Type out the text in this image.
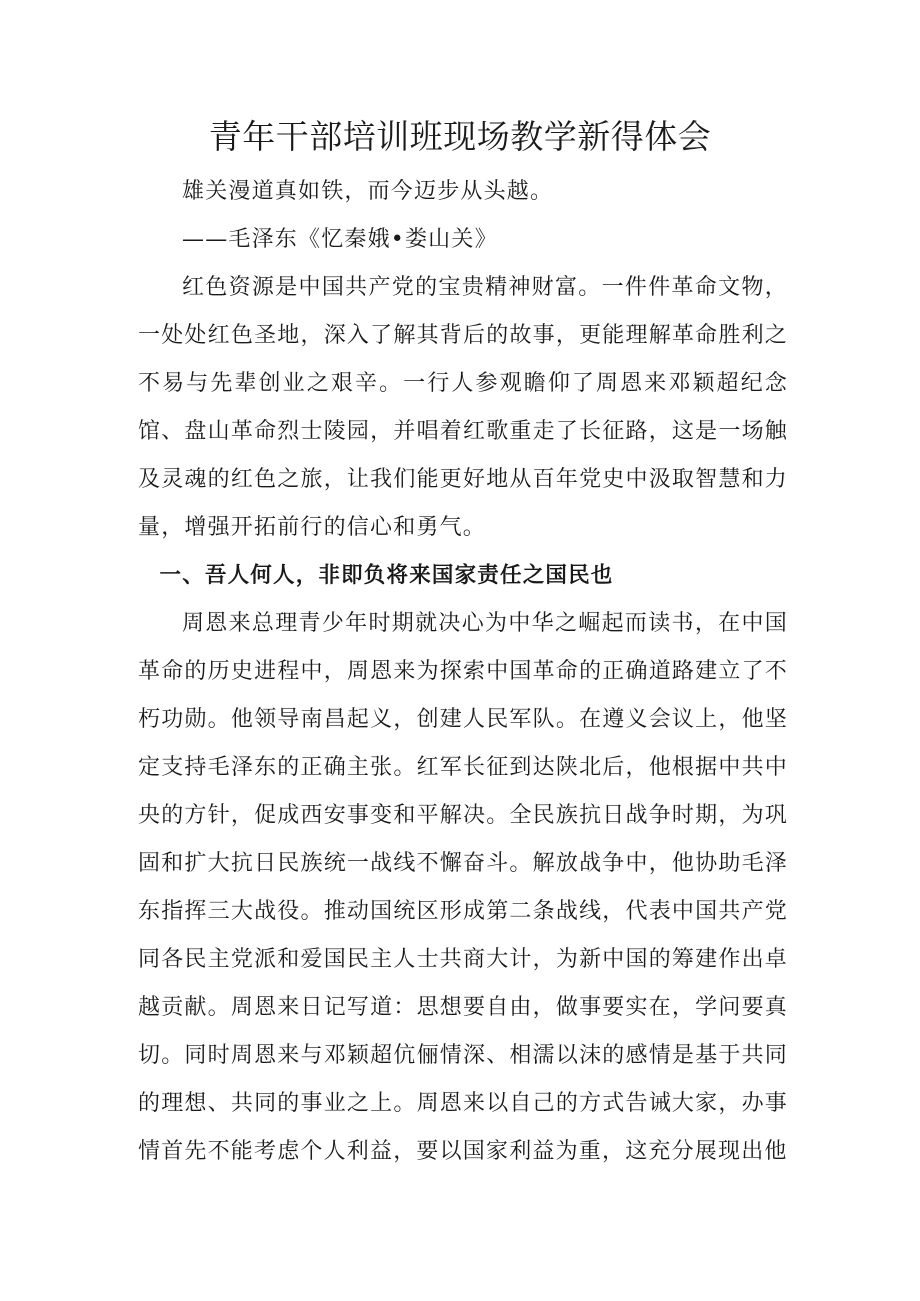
青年干部培训班现场教学新得体会

雄关漫道真如铁，而今迈步从头越。

——毛泽东《忆秦娥•娄山关》

红色资源是中国共产党的宝贵精神财富。一件件革命文物，一处处红色圣地，深入了解其背后的故事，更能理解革命胜利之不易与先辈创业之艰辛。一行人参观瞻仰了周恩来邓颖超纪念馆、盘山革命烈士陵园，并唱着红歌重走了长征路，这是一场触及灵魂的红色之旅，让我们能更好地从百年党史中汲取智慧和力量，增强开拓前行的信心和勇气。

一、吾人何人，非即负将来国家责任之国民也

周恩来总理青少年时期就决心为中华之崛起而读书，在中国革命的历史进程中，周恩来为探索中国革命的正确道路建立了不朽功勋。他领导南昌起义，创建人民军队。在遵义会议上，他坚定支持毛泽东的正确主张。红军长征到达陕北后，他根据中共中央的方针，促成西安事变和平解决。全民族抗日战争时期，为巩固和扩大抗日民族统一战线不懈奋斗。解放战争中，他协助毛泽东指挥三大战役。推动国统区形成第二条战线，代表中国共产党同各民主党派和爱国民主人士共商大计，为新中国的筹建作出卓越贡献。周恩来日记写道：思想要自由，做事要实在，学问要真切。同时周恩来与邓颖超伉俪情深、相濡以沫的感情是基于共同的理想、共同的事业之上。周恩来以自己的方式告诫大家，办事情首先不能考虑个人利益，要以国家利益为重，这充分展现出他
